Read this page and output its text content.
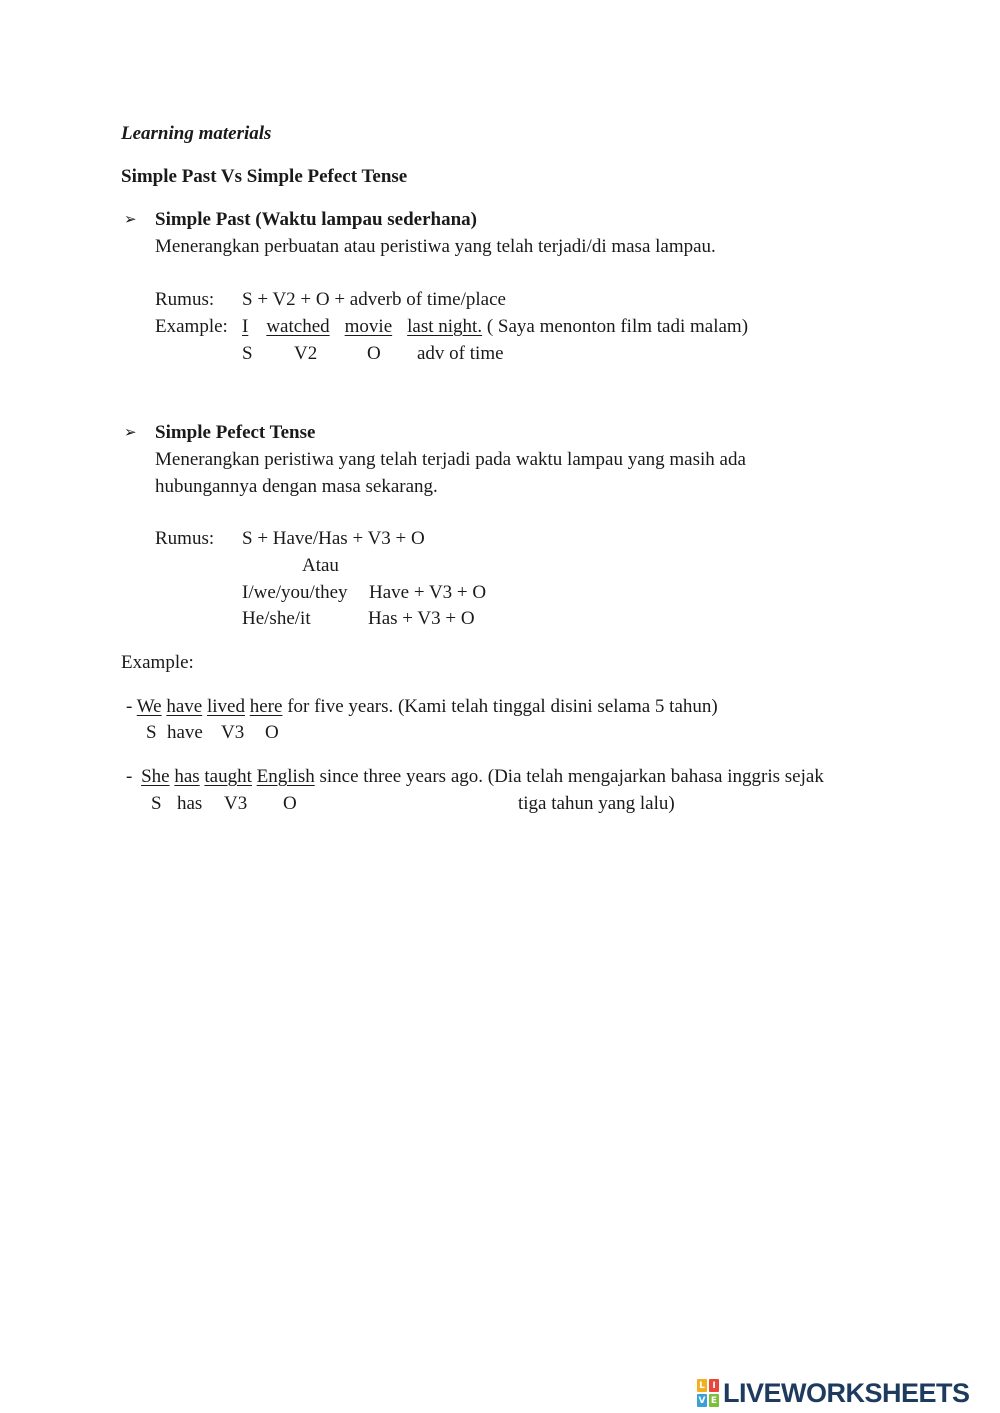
Learning materials
Simple Past Vs Simple Pefect Tense
➢ Simple Past (Waktu lampau sederhana)
Menerangkan perbuatan atau peristiwa yang telah terjadi/di masa lampau.
Rumus: S + V2 + O + adverb of time/place
Example: I watched movie last night. ( Saya menonton film tadi malam)
S V2	O adv of time
➢ Simple Pefect Tense
Menerangkan peristiwa yang telah terjadi pada waktu lampau yang masih ada
hubungannya dengan masa sekarang.
Rumus: S + Have/Has + V3 + O
Atau
I/we/you/they Have + V3 + O
He/she/it	Has + V3 + O
Example:
- We have lived here for five years. (Kami telah tinggal disini selama 5 tahun)
S have V3 O
- She has taught English since three years ago. (Dia telah mengajarkan bahasa inggris sejak
S has V3 O	tiga tahun yang lalu)
L I
V E LIVEWORKSHEETS
